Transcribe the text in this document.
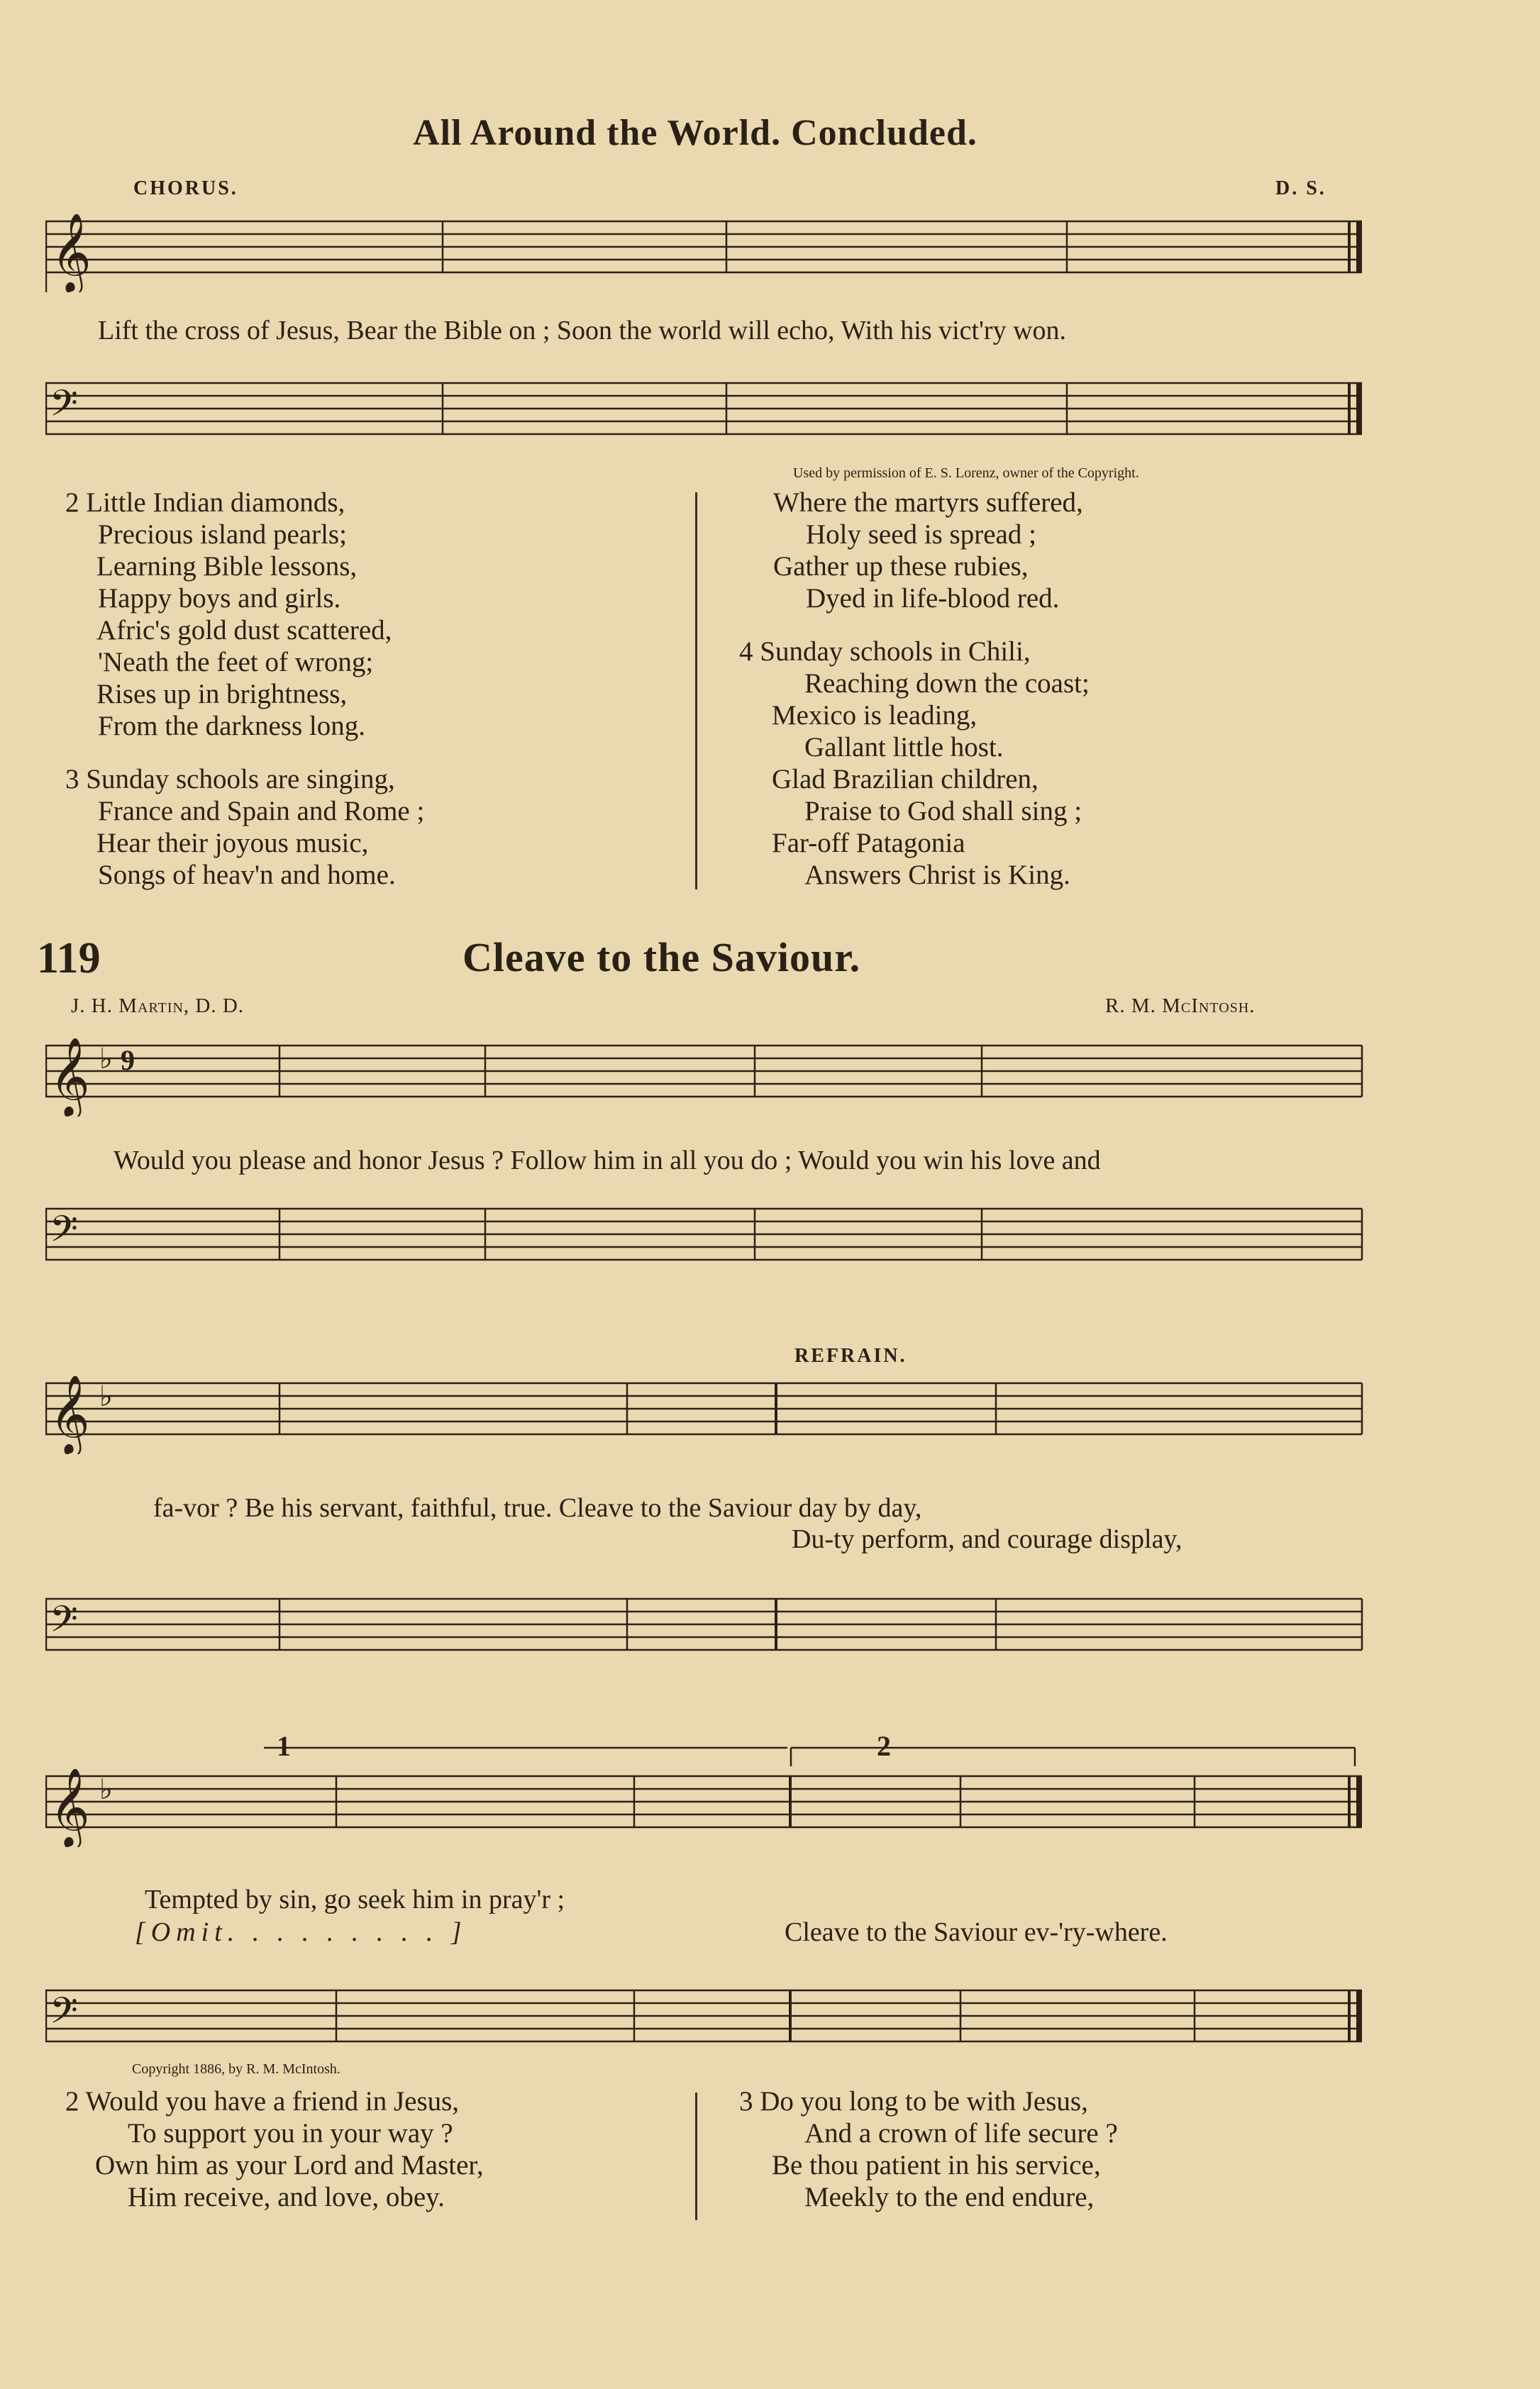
All Around the World. Concluded.
CHORUS.	D. S.
𝄞
Lift the cross of Jesus, Bear the Bible on ; Soon the world will echo, With his vict'ry won.
𝄢
Used by permission of E. S. Lorenz, owner of the Copyright.
2 Little Indian diamonds,
Precious island pearls;
Learning Bible lessons,
Happy boys and girls.
Afric's gold dust scattered,
'Neath the feet of wrong;
Rises up in brightness,
From the darkness long.
3 Sunday schools are singing,
France and Spain and Rome ;
Hear their joyous music,
Songs of heav'n and home.
Where the martyrs suffered,
Holy seed is spread ;
Gather up these rubies,
Dyed in life-blood red.
4 Sunday schools in Chili,
Reaching down the coast;
Mexico is leading,
Gallant little host.
Glad Brazilian children,
Praise to God shall sing ;
Far-off Patagonia
Answers Christ is King.
119	Cleave to the Saviour.
J. H. Martin, D. D.	R. M. McIntosh.
𝄞 ♭ 9
Would you please and honor Jesus ? Follow him in all you do ; Would you win his love and
𝄢
REFRAIN.
𝄞 ♭
fa-vor ? Be his servant, faithful, true. Cleave to the Saviour day by day,
Du-ty perform, and courage display,
𝄢
1	2
𝄞 ♭
Tempted by sin, go seek him in pray'r ;
[Omit. . . . . . . . . ]	Cleave to the Saviour ev-'ry-where.
𝄢
Copyright 1886, by R. M. McIntosh.
2 Would you have a friend in Jesus,
To support you in your way ?
Own him as your Lord and Master,
Him receive, and love, obey.
3 Do you long to be with Jesus,
And a crown of life secure ?
Be thou patient in his service,
Meekly to the end endure,
